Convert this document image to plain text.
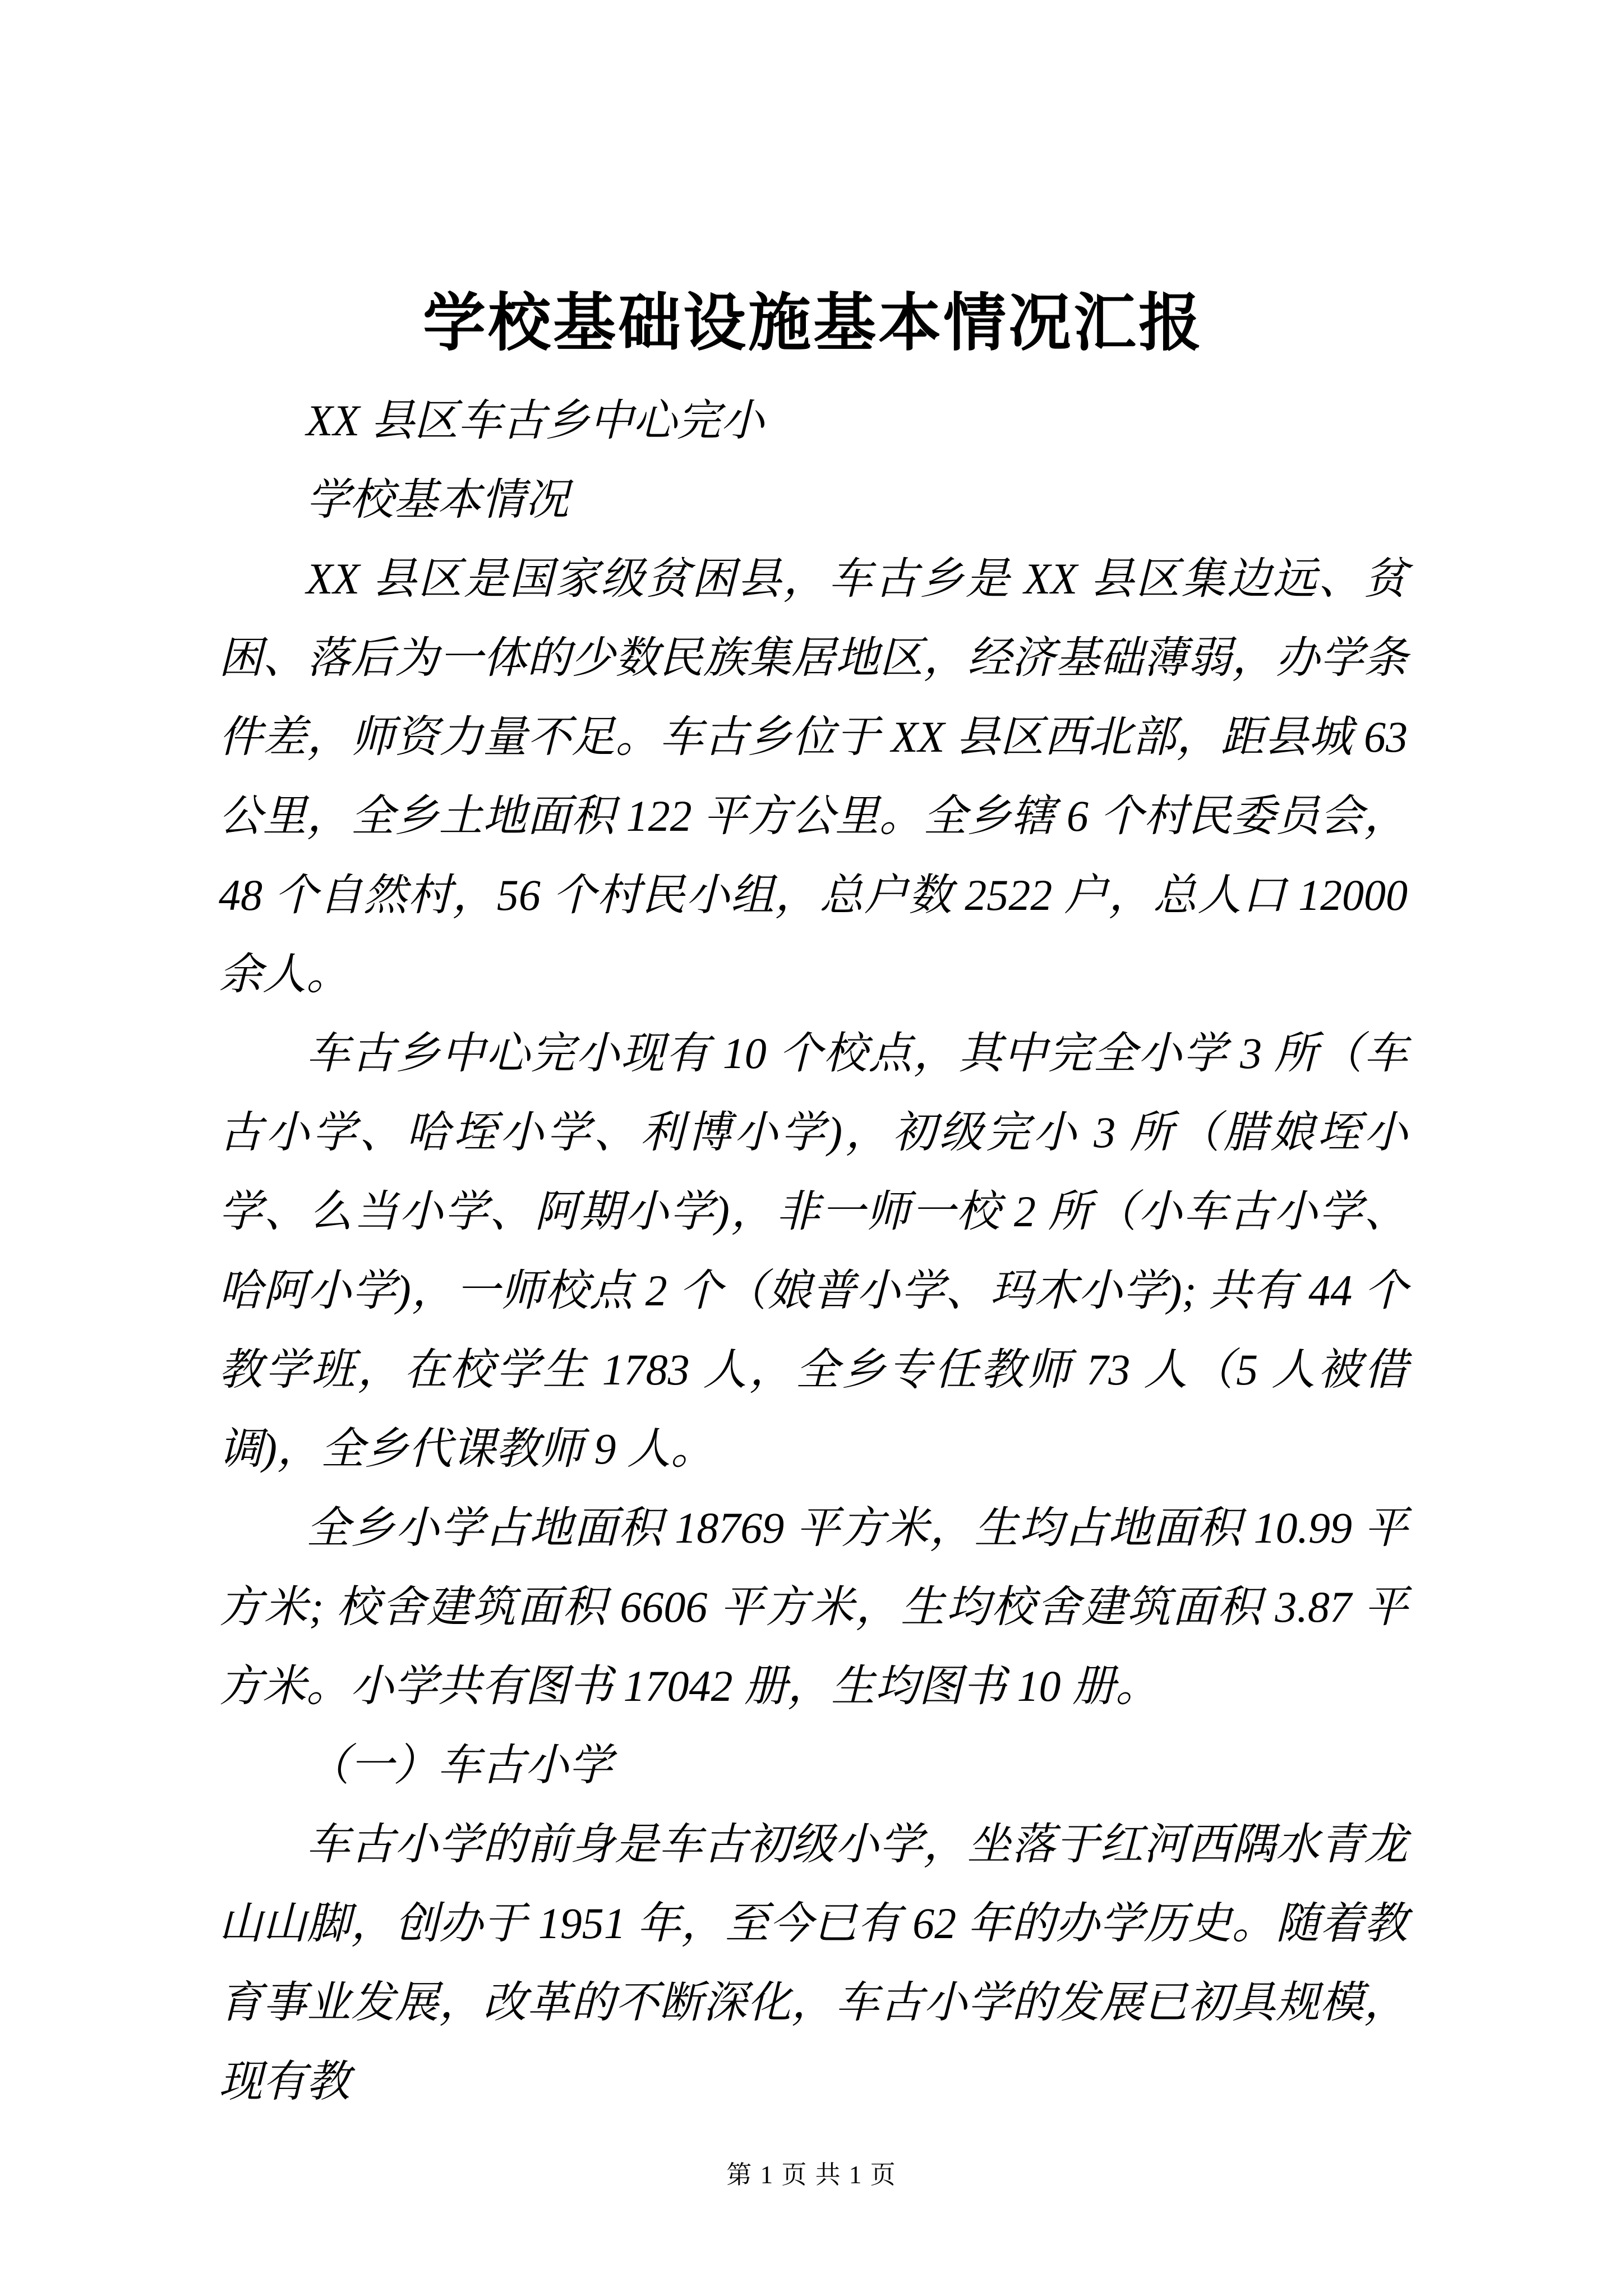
学校基础设施基本情况汇报

XX 县区车古乡中心完小

学校基本情况

XX 县区是国家级贫困县，车古乡是 XX 县区集边远、贫困、落后为一体的少数民族集居地区，经济基础薄弱，办学条件差，师资力量不足。车古乡位于 XX 县区西北部，距县城 63 公里，全乡土地面积 122 平方公里。全乡辖 6 个村民委员会，48 个自然村，56 个村民小组，总户数 2522 户，总人口 12000 余人。

车古乡中心完小现有 10 个校点，其中完全小学 3 所（车古小学、哈垤小学、利博小学)，初级完小 3 所（腊娘垤小学、么当小学、阿期小学)，非一师一校 2 所（小车古小学、哈阿小学)，一师校点 2 个（娘普小学、玛木小学); 共有 44 个教学班，在校学生 1783 人，全乡专任教师 73 人（5 人被借调)，全乡代课教师 9 人。

全乡小学占地面积 18769 平方米，生均占地面积 10.99 平方米; 校舍建筑面积 6606 平方米，生均校舍建筑面积 3.87 平方米。小学共有图书 17042 册，生均图书 10 册。

（一）车古小学

车古小学的前身是车古初级小学，坐落于红河西隅水青龙山山脚，创办于 1951 年，至今已有 62 年的办学历史。随着教育事业发展，改革的不断深化，车古小学的发展已初具规模，现有教

第 1 页 共 1 页
